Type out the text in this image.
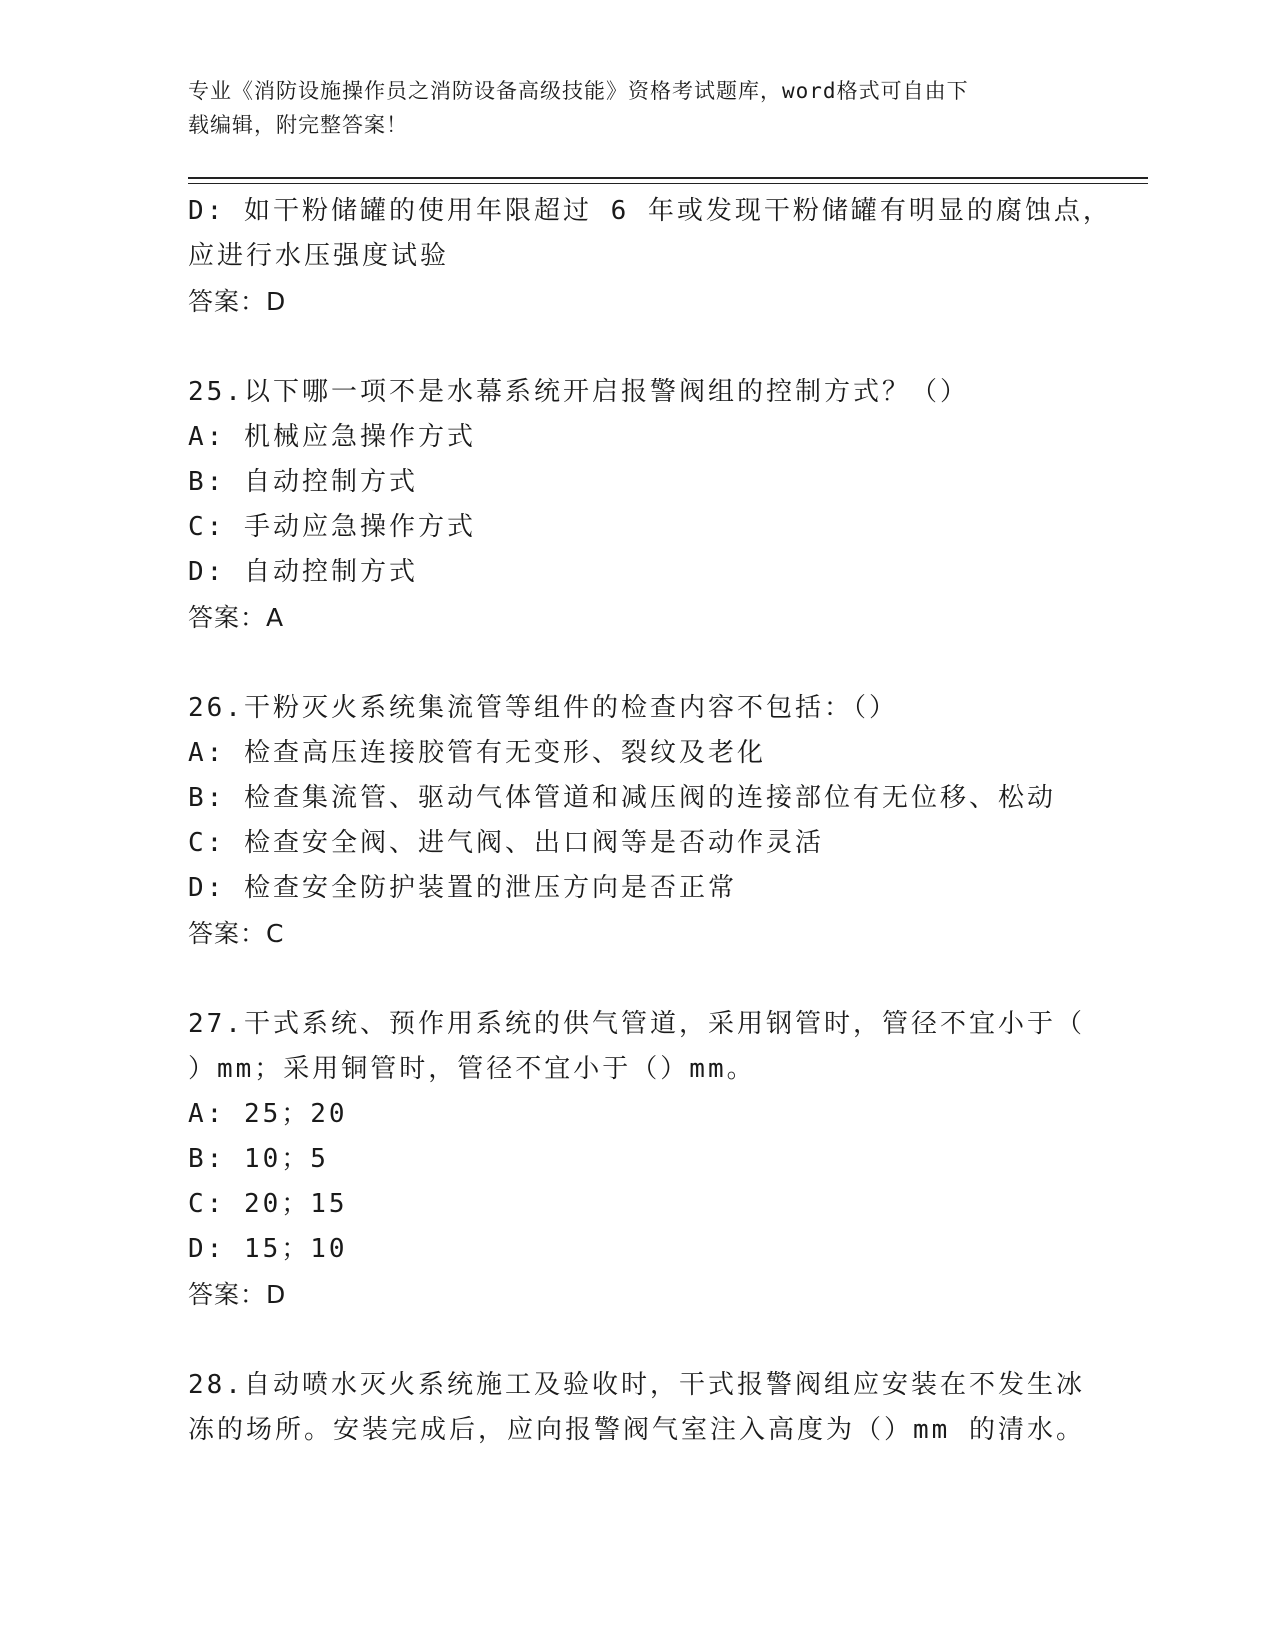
专业《消防设施操作员之消防设备高级技能》资格考试题库，word格式可自由下
载编辑，附完整答案！
D: 如干粉储罐的使用年限超过 6 年或发现干粉储罐有明显的腐蚀点，
应进行水压强度试验
答案：D
25.以下哪一项不是水幕系统开启报警阀组的控制方式？（）
A: 机械应急操作方式
B: 自动控制方式
C: 手动应急操作方式
D: 自动控制方式
答案：A
26.干粉灭火系统集流管等组件的检查内容不包括：（）
A: 检查高压连接胶管有无变形、裂纹及老化
B: 检查集流管、驱动气体管道和减压阀的连接部位有无位移、松动
C: 检查安全阀、进气阀、出口阀等是否动作灵活
D: 检查安全防护装置的泄压方向是否正常
答案：C
27.干式系统、预作用系统的供气管道，采用钢管时，管径不宜小于（
）mm；采用铜管时，管径不宜小于（）mm。
A: 25；20
B: 10；5
C: 20；15
D: 15；10
答案：D
28.自动喷水灭火系统施工及验收时，干式报警阀组应安装在不发生冰
冻的场所。安装完成后，应向报警阀气室注入高度为（）mm 的清水。
